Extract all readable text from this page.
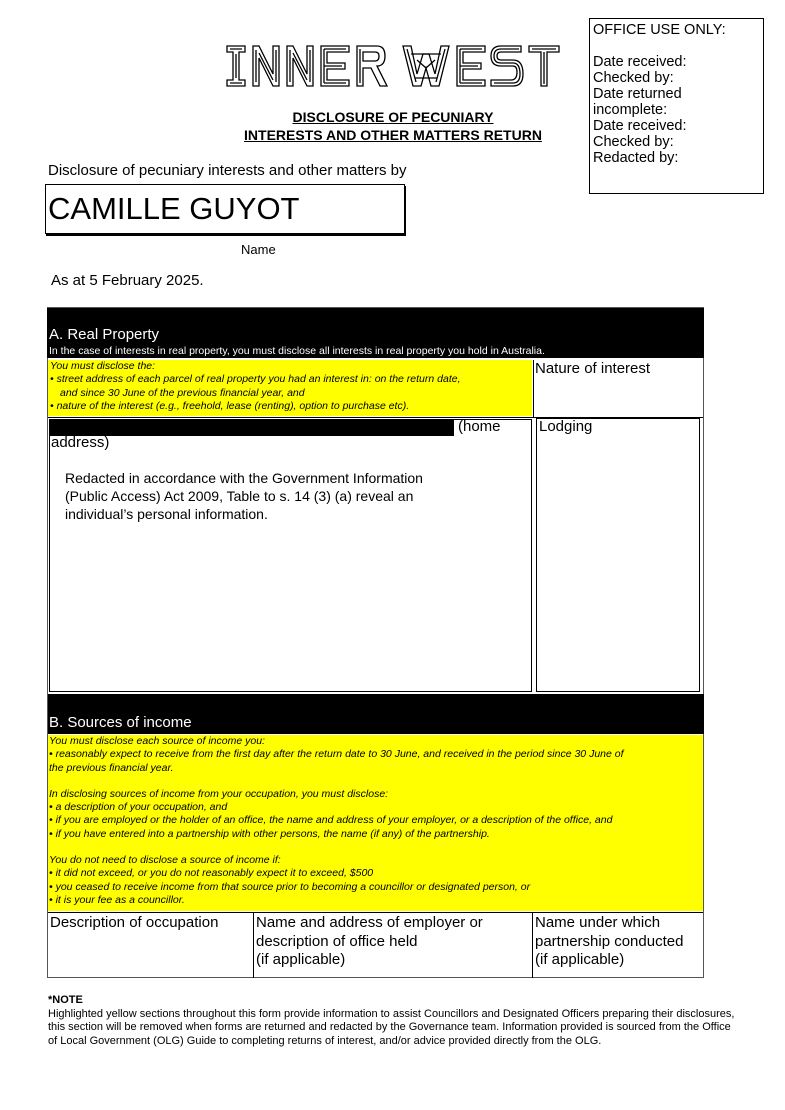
OFFICE USE ONLY:
Date received:
Checked by:
Date returned
incomplete:
Date received:
Checked by:
Redacted by:
DISCLOSURE OF PECUNIARY
INTERESTS AND OTHER MATTERS RETURN
Disclosure of pecuniary interests and other matters by
CAMILLE GUYOT
Name
As at 5 February 2025.
A. Real Property
In the case of interests in real property, you must disclose all interests in real property you hold in Australia.
You must disclose the:
• street address of each parcel of real property you had an interest in: on the return date,
and since 30 June of the previous financial year, and
• nature of the interest (e.g., freehold, lease (renting), option to purchase etc).
Nature of interest
(home
address)
Redacted in accordance with the Government Information (Public Access) Act 2009, Table to s. 14 (3) (a) reveal an individual’s personal information.
Lodging
B. Sources of income
You must disclose each source of income you:
• reasonably expect to receive from the first day after the return date to 30 June, and received in the period since 30 June of
the previous financial year.
In disclosing sources of income from your occupation, you must disclose:
• a description of your occupation, and
• if you are employed or the holder of an office, the name and address of your employer, or a description of the office, and
• if you have entered into a partnership with other persons, the name (if any) of the partnership.
You do not need to disclose a source of income if:
• it did not exceed, or you do not reasonably expect it to exceed, $500
• you ceased to receive income from that source prior to becoming a councillor or designated person, or
• it is your fee as a councillor.
Description of occupation	Name and address of employer or
description of office held
(if applicable)
Name under which
partnership conducted
(if applicable)
*NOTE
Highlighted yellow sections throughout this form provide information to assist Councillors and Designated Officers preparing their disclosures, this section will be removed when forms are returned and redacted by the Governance team. Information provided is sourced from the Office of Local Government (OLG) Guide to completing returns of interest, and/or advice provided directly from the OLG.
